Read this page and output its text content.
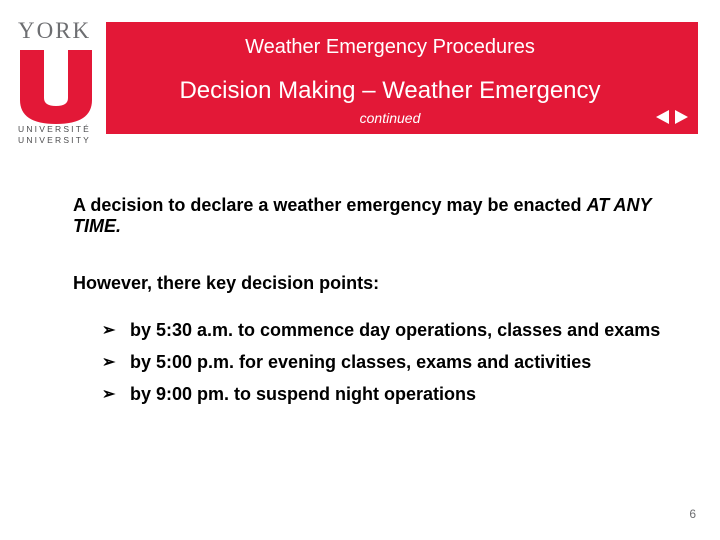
YORK
UNIVERSITÉ
UNIVERSITY
Weather Emergency Procedures
Decision Making – Weather Emergency
continued

A decision to declare a weather emergency may be enacted AT ANY TIME.

However, there key decision points:

➢ by 5:30 a.m. to commence day operations, classes and exams
➢ by 5:00 p.m. for evening classes, exams and activities
➢ by 9:00 pm. to suspend night operations
6
